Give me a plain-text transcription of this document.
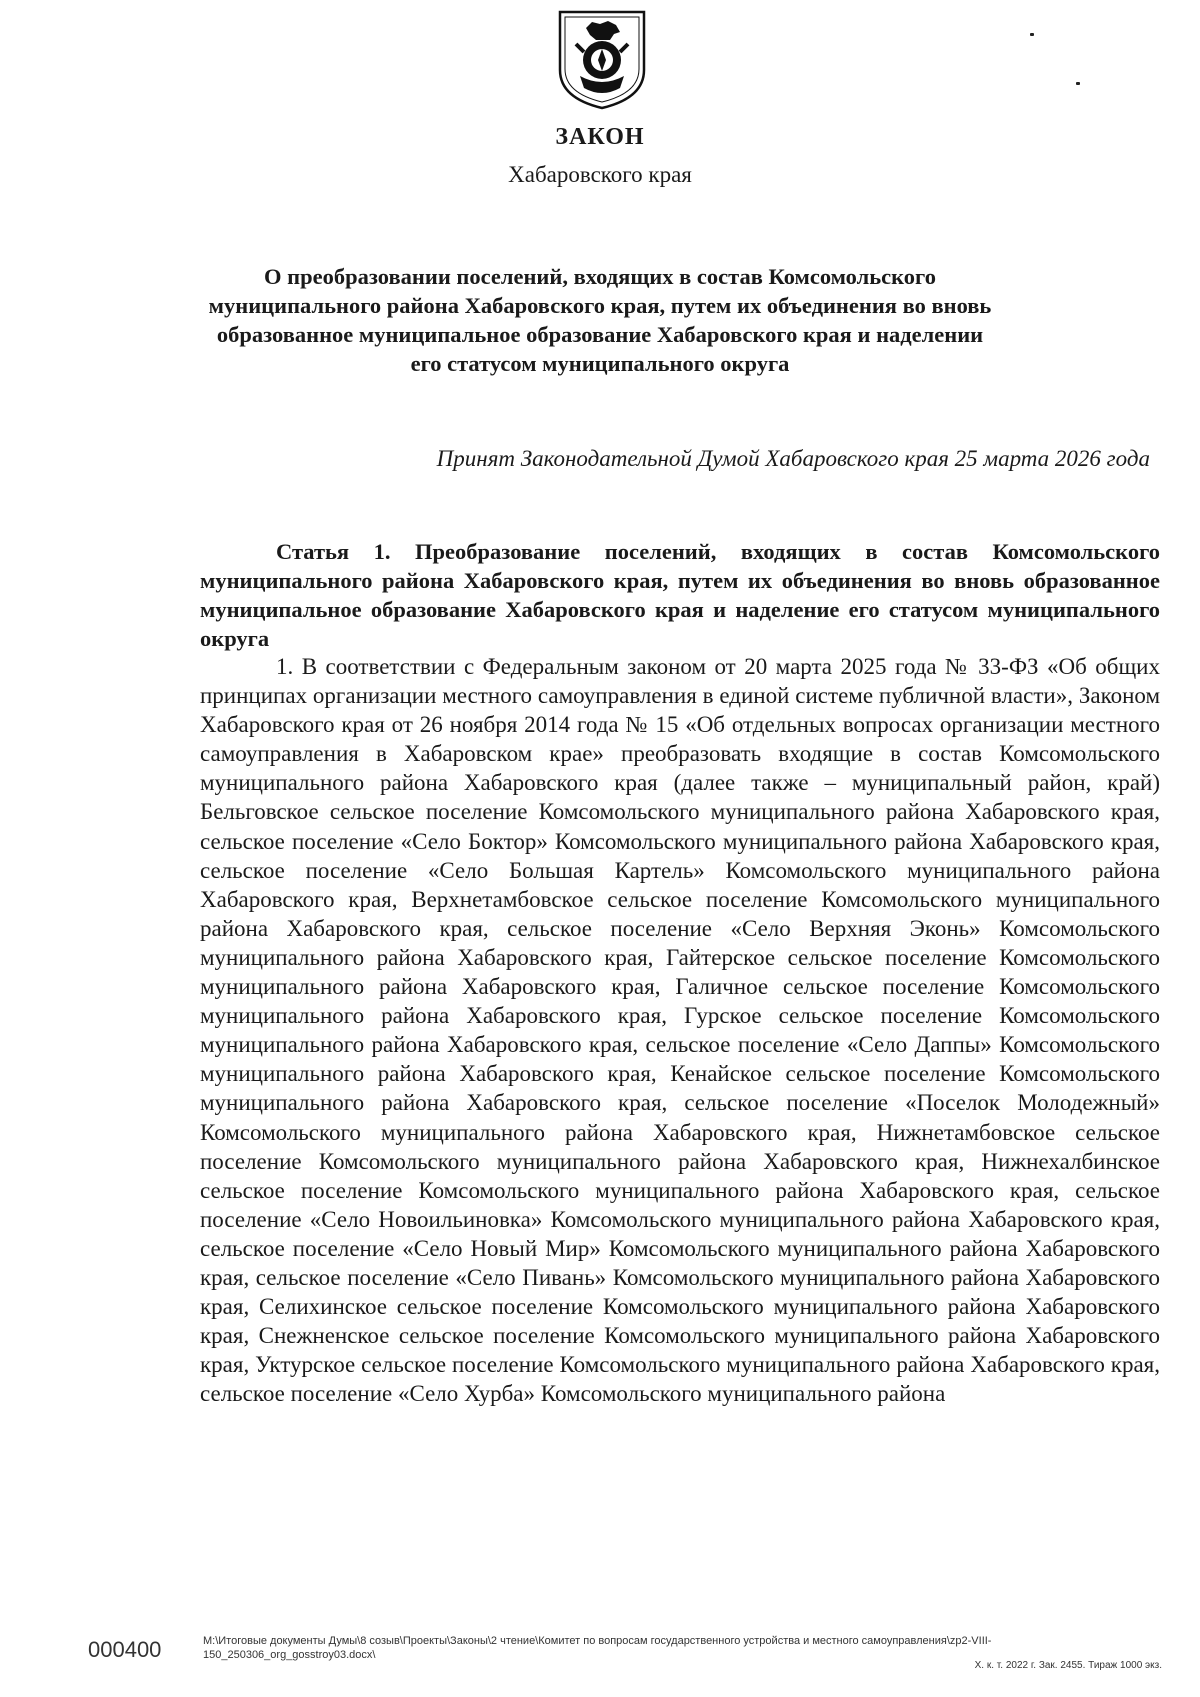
ЗАКОН
Хабаровского края
О преобразовании поселений, входящих в состав Комсомольского муниципального района Хабаровского края, путем их объединения во вновь образованное муниципальное образование Хабаровского края и наделении его статусом муниципального округа
Принят Законодательной Думой Хабаровского края 25 марта 2026 года
Статья 1. Преобразование поселений, входящих в состав Комсомольского муниципального района Хабаровского края, путем их объединения во вновь образованное муниципальное образование Хабаровского края и наделение его статусом муниципального округа
1. В соответствии с Федеральным законом от 20 марта 2025 года № 33-ФЗ «Об общих принципах организации местного самоуправления в единой системе публичной власти», Законом Хабаровского края от 26 ноября 2014 года № 15 «Об отдельных вопросах организации местного самоуправления в Хабаровском крае» преобразовать входящие в состав Комсомольского муниципального района Хабаровского края (далее также – муниципальный район, край) Бельговское сельское поселение Комсомольского муниципального района Хабаровского края, сельское поселение «Село Боктор» Комсомольского муниципального района Хабаровского края, сельское поселение «Село Большая Картель» Комсомольского муниципального района Хабаровского края, Верхнетамбовское сельское поселение Комсомольского муниципального района Хабаровского края, сельское поселение «Село Верхняя Эконь» Комсомольского муниципального района Хабаровского края, Гайтерское сельское поселение Комсомольского муниципального района Хабаровского края, Галичное сельское поселение Комсомольского муниципального района Хабаровского края, Гурское сельское поселение Комсомольского муниципального района Хабаровского края, сельское поселение «Село Даппы» Комсомольского муниципального района Хабаровского края, Кенайское сельское поселение Комсомольского муниципального района Хабаровского края, сельское поселение «Поселок Молодежный» Комсомольского муниципального района Хабаровского края, Нижнетамбовское сельское поселение Комсомольского муниципального района Хабаровского края, Нижнехалбинское сельское поселение Комсомольского муниципального района Хабаровского края, сельское поселение «Село Новоильиновка» Комсомольского муниципального района Хабаровского края, сельское поселение «Село Новый Мир» Комсомольского муниципального района Хабаровского края, сельское поселение «Село Пивань» Комсомольского муниципального района Хабаровского края, Селихинское сельское поселение Комсомольского муниципального района Хабаровского края, Снежненское сельское поселение Комсомольского муниципального района Хабаровского края, Уктурское сельское поселение Комсомольского муниципального района Хабаровского края, сельское поселение «Село Хурба» Комсомольского муниципального района
000400	M:\Итоговые документы Думы\8 созыв\Проекты\Законы\2 чтение\Комитет по вопросам государственного устройства и местного самоуправления\zp2-VIII-150_250306_org_gosstroy03.docx\
Х. к. т. 2022 г. Зак. 2455. Тираж 1000 экз.
